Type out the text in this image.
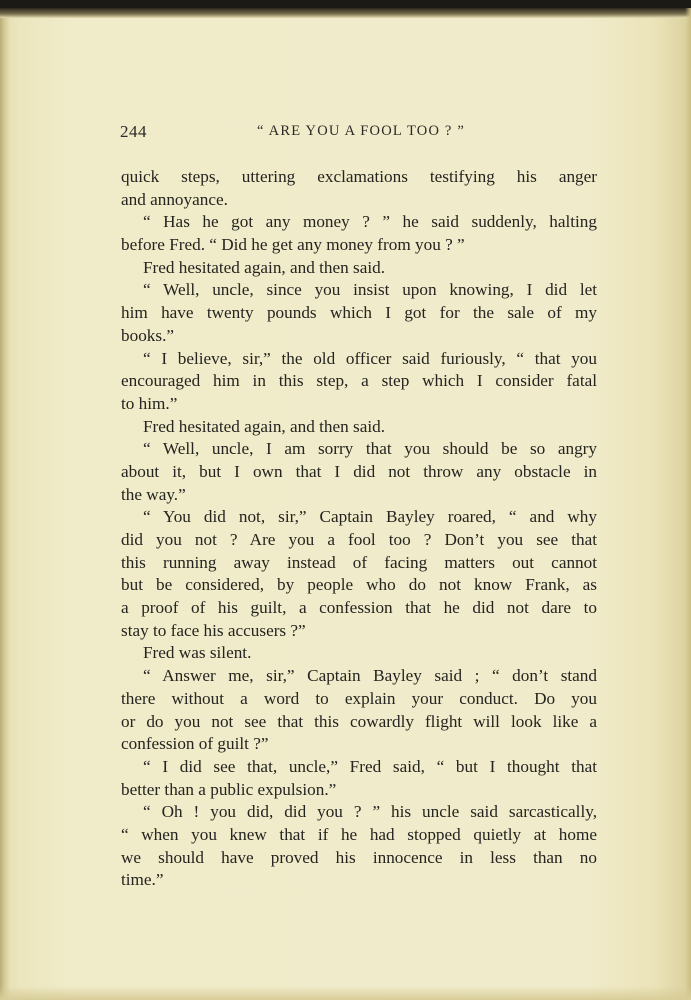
244	“ ARE YOU A FOOL TOO ? ”
quick steps, uttering exclamations testifying his anger
and annoyance.
“ Has he got any money ? ” he said suddenly, halting
before Fred. “ Did he get any money from you ? ”
Fred hesitated again, and then said.
“ Well, uncle, since you insist upon knowing, I did let
him have twenty pounds which I got for the sale of my
books.”
“ I believe, sir,” the old officer said furiously, “ that you
encouraged him in this step, a step which I consider fatal
to him.”
Fred hesitated again, and then said.
“ Well, uncle, I am sorry that you should be so angry
about it, but I own that I did not throw any obstacle in
the way.”
“ You did not, sir,” Captain Bayley roared, “ and why
did you not ? Are you a fool too ? Don’t you see that
this running away instead of facing matters out cannot
but be considered, by people who do not know Frank, as
a proof of his guilt, a confession that he did not dare to
stay to face his accusers ?”
Fred was silent.
“ Answer me, sir,” Captain Bayley said ; “ don’t stand
there without a word to explain your conduct. Do you
or do you not see that this cowardly flight will look like a
confession of guilt ?”
“ I did see that, uncle,” Fred said, “ but I thought that
better than a public expulsion.”
“ Oh ! you did, did you ? ” his uncle said sarcastically,
“ when you knew that if he had stopped quietly at home
we should have proved his innocence in less than no
time.”
